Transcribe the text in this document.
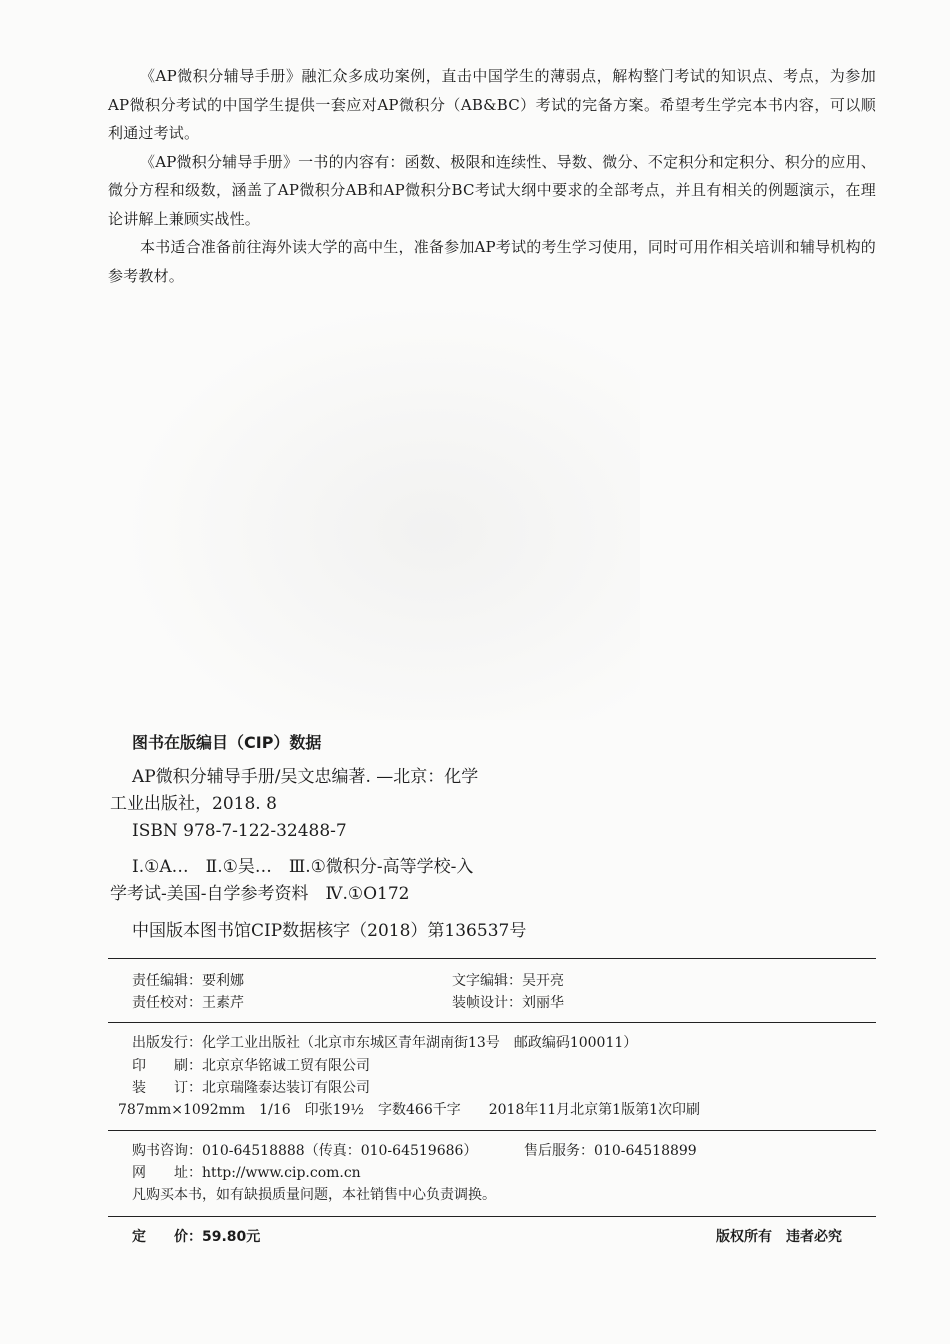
《AP微积分辅导手册》融汇众多成功案例，直击中国学生的薄弱点，解构整门考试的知识点、考点，为参加AP微积分考试的中国学生提供一套应对AP微积分（AB&BC）考试的完备方案。希望考生学完本书内容，可以顺利通过考试。

《AP微积分辅导手册》一书的内容有：函数、极限和连续性、导数、微分、不定积分和定积分、积分的应用、微分方程和级数，涵盖了AP微积分AB和AP微积分BC考试大纲中要求的全部考点，并且有相关的例题演示，在理论讲解上兼顾实战性。

本书适合准备前往海外读大学的高中生，准备参加AP考试的考生学习使用，同时可用作相关培训和辅导机构的参考教材。

图书在版编目（CIP）数据
AP微积分辅导手册/吴文忠编著. —北京：化学
工业出版社，2018. 8
ISBN 978-7-122-32488-7
Ⅰ.①A…　Ⅱ.①吴…　Ⅲ.①微积分-高等学校-入
学考试-美国-自学参考资料　Ⅳ.①O172
中国版本图书馆CIP数据核字（2018）第136537号
责任编辑：要利娜	文字编辑：吴开亮
责任校对：王素芹	装帧设计：刘丽华
出版发行：化学工业出版社（北京市东城区青年湖南街13号　邮政编码100011）
印　　刷：北京京华铭诚工贸有限公司
装　　订：北京瑞隆泰达装订有限公司
787mm×1092mm　1/16　印张19½　字数466千字　　2018年11月北京第1版第1次印刷
购书咨询：010-64518888（传真：010-64519686）	售后服务：010-64518899
网　　址：http://www.cip.com.cn
凡购买本书，如有缺损质量问题，本社销售中心负责调换。
定　　价：59.80元	版权所有　违者必究
